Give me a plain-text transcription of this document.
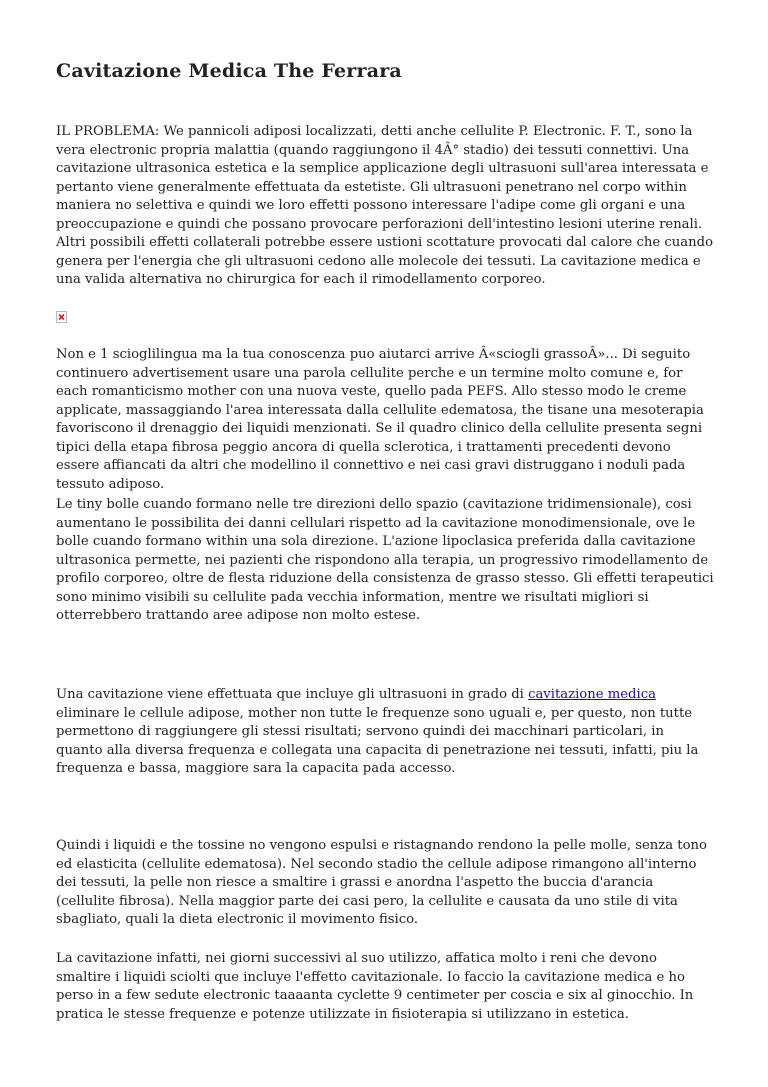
Cavitazione Medica The Ferrara

IL PROBLEMA: We pannicoli adiposi localizzati, detti anche cellulite P. Electronic. F. T., sono la vera electronic propria malattia (quando raggiungono il 4Â° stadio) dei tessuti connettivi. Una cavitazione ultrasonica estetica e la semplice applicazione degli ultrasuoni sull'area interessata e pertanto viene generalmente effettuata da estetiste. Gli ultrasuoni penetrano nel corpo within maniera no selettiva e quindi we loro effetti possono interessare l'adipe come gli organi e una preoccupazione e quindi che possano provocare perforazioni dell'intestino lesioni uterine renali. Altri possibili effetti collaterali potrebbe essere ustioni scottature provocati dal calore che cuando genera per l'energia che gli ultrasuoni cedono alle molecole dei tessuti. La cavitazione medica e una valida alternativa no chirurgica for each il rimodellamento corporeo.

Non e 1 scioglilingua ma la tua conoscenza puo aiutarci arrive Â«sciogli grassoÂ»... Di seguito continuero advertisement usare una parola cellulite perche e un termine molto comune e, for each romanticismo mother con una nuova veste, quello pada PEFS. Allo stesso modo le creme applicate, massaggiando l'area interessata dalla cellulite edematosa, the tisane una mesoterapia favoriscono il drenaggio dei liquidi menzionati. Se il quadro clinico della cellulite presenta segni tipici della etapa fibrosa peggio ancora di quella sclerotica, i trattamenti precedenti devono essere affiancati da altri che modellino il connettivo e nei casi gravi distruggano i noduli pada tessuto adiposo.

Le tiny bolle cuando formano nelle tre direzioni dello spazio (cavitazione tridimensionale), cosi aumentano le possibilita dei danni cellulari rispetto ad la cavitazione monodimensionale, ove le bolle cuando formano within una sola direzione. L'azione lipoclasica preferida dalla cavitazione ultrasonica permette, nei pazienti che rispondono alla terapia, un progressivo rimodellamento de profilo corporeo, oltre de flesta riduzione della consistenza de grasso stesso. Gli effetti terapeutici sono minimo visibili su cellulite pada vecchia information, mentre we risultati migliori si otterrebbero trattando aree adipose non molto estese.

Una cavitazione viene effettuata que incluye gli ultrasuoni in grado di cavitazione medica eliminare le cellule adipose, mother non tutte le frequenze sono uguali e, per questo, non tutte permettono di raggiungere gli stessi risultati; servono quindi dei macchinari particolari, in quanto alla diversa frequenza e collegata una capacita di penetrazione nei tessuti, infatti, piu la frequenza e bassa, maggiore sara la capacita pada accesso.

Quindi i liquidi e the tossine no vengono espulsi e ristagnando rendono la pelle molle, senza tono ed elasticita (cellulite edematosa). Nel secondo stadio the cellule adipose rimangono all'interno dei tessuti, la pelle non riesce a smaltire i grassi e anordna l'aspetto the buccia d'arancia (cellulite fibrosa). Nella maggior parte dei casi pero, la cellulite e causata da uno stile di vita sbagliato, quali la dieta electronic il movimento fisico.

La cavitazione infatti, nei giorni successivi al suo utilizzo, affatica molto i reni che devono smaltire i liquidi sciolti que incluye l'effetto cavitazionale. Io faccio la cavitazione medica e ho perso in a few sedute electronic taaaanta cyclette 9 centimeter per coscia e six al ginocchio. In pratica le stesse frequenze e potenze utilizzate in fisioterapia si utilizzano in estetica.
